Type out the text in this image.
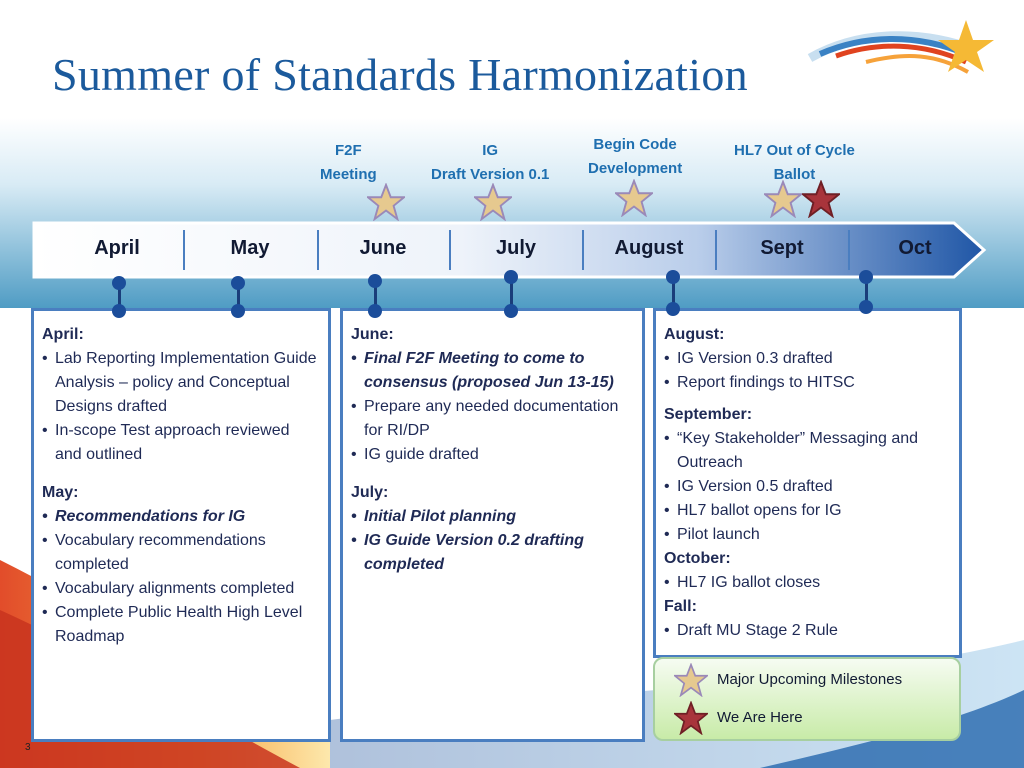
Summer of Standards Harmonization
F2F
Meeting
IG
Draft Version 0.1
Begin Code
Development
HL7 Out of Cycle
Ballot
April	May	June	July	August	Sept	Oct
April:
• Lab Reporting Implementation Guide Analysis – policy and Conceptual Designs drafted
• In-scope Test approach reviewed and outlined
May:
• Recommendations for IG
• Vocabulary recommendations completed
• Vocabulary alignments completed
• Complete Public Health High Level Roadmap
June:
• Final F2F Meeting to come to consensus (proposed Jun 13-15)
• Prepare any needed documentation for RI/DP
• IG guide drafted
July:
• Initial Pilot planning
• IG Guide Version 0.2 drafting completed
August:
• IG Version 0.3 drafted
• Report findings to HITSC
September:
• “Key Stakeholder” Messaging and Outreach
• IG Version 0.5 drafted
• HL7 ballot opens for IG
• Pilot launch
October:
• HL7 IG ballot closes
Fall:
• Draft MU Stage 2 Rule
Major Upcoming Milestones
We Are Here
3
